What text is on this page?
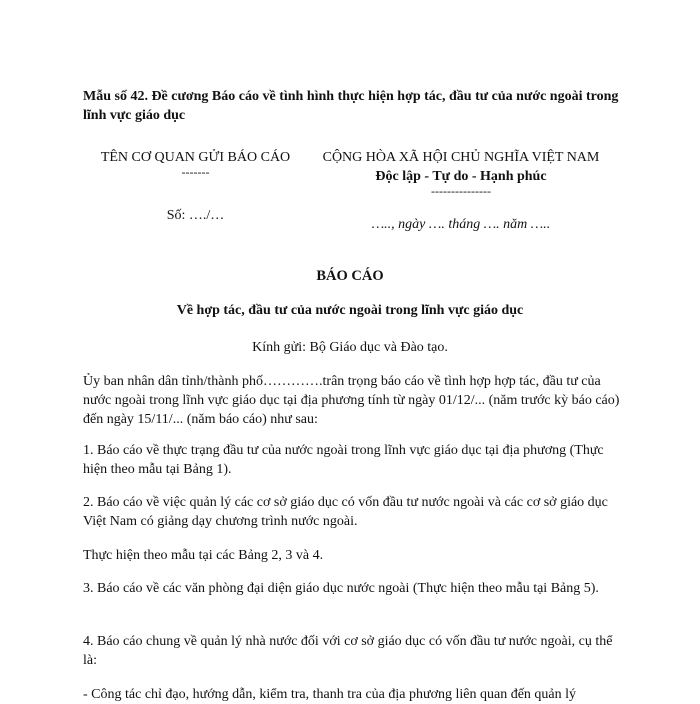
Mẫu số 42. Đề cương Báo cáo về tình hình thực hiện hợp tác, đầu tư của nước ngoài trong lĩnh vực giáo dục
TÊN CƠ QUAN GỬI BÁO CÁO
-------
Số: …./…
CỘNG HÒA XÃ HỘI CHỦ NGHĨA VIỆT NAM
Độc lập - Tự do - Hạnh phúc
---------------
….., ngày …. tháng …. năm …..
BÁO CÁO
Về hợp tác, đầu tư của nước ngoài trong lĩnh vực giáo dục
Kính gửi: Bộ Giáo dục và Đào tạo.
Ủy ban nhân dân tỉnh/thành phố………….trân trọng báo cáo về tình hợp hợp tác, đầu tư của nước ngoài trong lĩnh vực giáo dục tại địa phương tính từ ngày 01/12/... (năm trước kỳ báo cáo) đến ngày 15/11/... (năm báo cáo) như sau:
1. Báo cáo về thực trạng đầu tư của nước ngoài trong lĩnh vực giáo dục tại địa phương (Thực hiện theo mẫu tại Bảng 1).
2. Báo cáo về việc quản lý các cơ sở giáo dục có vốn đầu tư nước ngoài và các cơ sở giáo dục Việt Nam có giảng dạy chương trình nước ngoài.
Thực hiện theo mẫu tại các Bảng 2, 3 và 4.
3. Báo cáo về các văn phòng đại diện giáo dục nước ngoài (Thực hiện theo mẫu tại Bảng 5).
4. Báo cáo chung về quản lý nhà nước đối với cơ sở giáo dục có vốn đầu tư nước ngoài, cụ thể là:
- Công tác chỉ đạo, hướng dẫn, kiểm tra, thanh tra của địa phương liên quan đến quản lý
